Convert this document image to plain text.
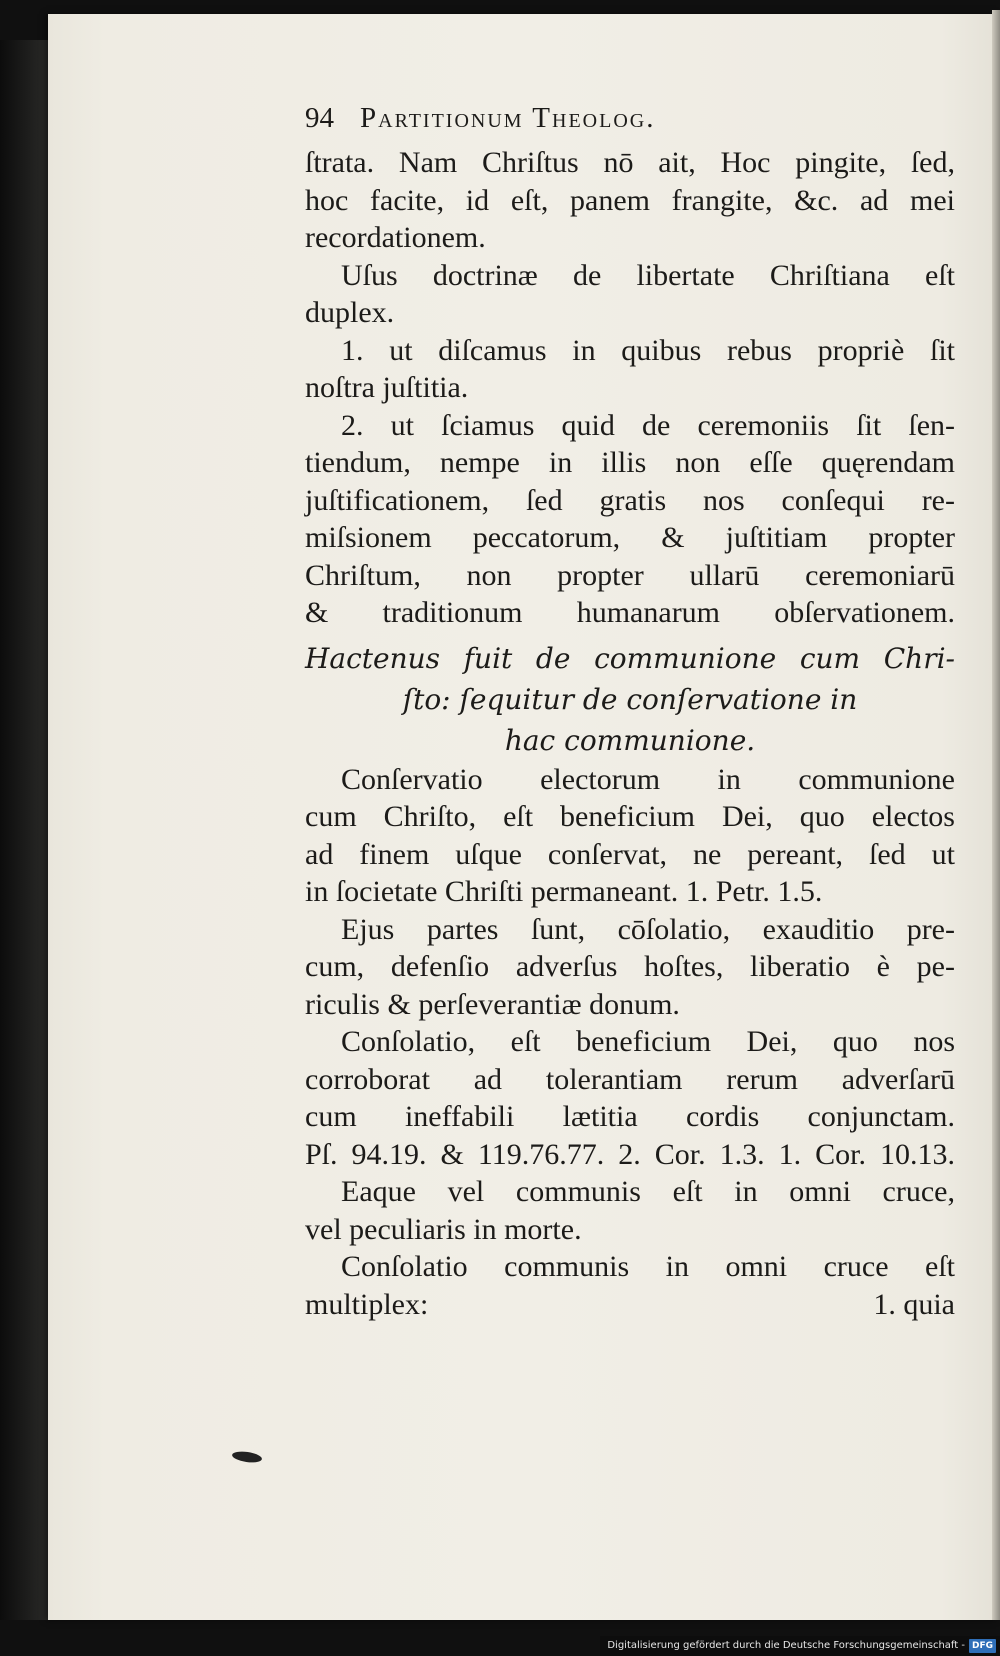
94 Partitionum Theolog.
ſtrata. Nam Chriſtus nō ait, Hoc pingite, ſed,
hoc facite, id eſt, panem frangite, &c. ad mei
recordationem.
Uſus doctrinæ de libertate Chriſtiana eſt
duplex.
1. ut diſcamus in quibus rebus propriè ſit
noſtra juſtitia.
2. ut ſciamus quid de ceremoniis ſit ſen-
tiendum, nempe in illis non eſſe quęrendam
juſtificationem, ſed gratis nos conſequi re-
miſsionem peccatorum, & juſtitiam propter
Chriſtum, non propter ullarū ceremoniarū
& traditionum humanarum obſervationem.
Hactenus fuit de communione cum Chri-
ſto: ſequitur de conſervatione in
hac communione.
Conſervatio electorum in communione
cum Chriſto, eſt beneficium Dei, quo electos
ad finem uſque conſervat, ne pereant, ſed ut
in ſocietate Chriſti permaneant. 1. Petr. 1.5.
Ejus partes ſunt, cōſolatio, exauditio pre-
cum, defenſio adverſus hoſtes, liberatio è pe-
riculis & perſeverantiæ donum.
Conſolatio, eſt beneficium Dei, quo nos
corroborat ad tolerantiam rerum adverſarū
cum ineffabili lætitia cordis conjunctam.
Pſ. 94.19. & 119.76.77. 2. Cor. 1.3. 1. Cor. 10.13.
Eaque vel communis eſt in omni cruce,
vel peculiaris in morte.
Conſolatio communis in omni cruce eſt
multiplex:	1. quia
Digitalisierung gefördert durch die Deutsche Forschungsgemeinschaft - DFG
